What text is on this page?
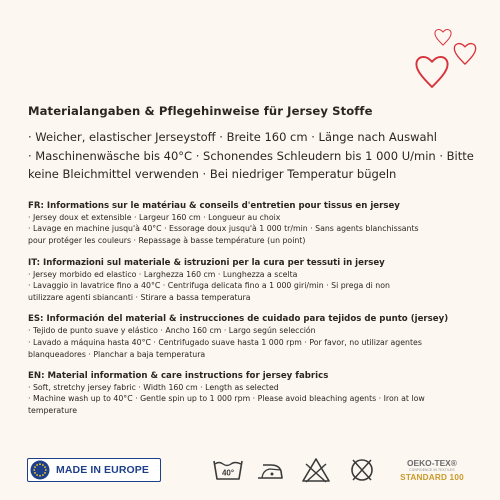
Materialangaben & Pflegehinweise für Jersey Stoffe
· Weicher, elastischer Jerseystoff · Breite 160 cm · Länge nach Auswahl
· Maschinenwäsche bis 40°C · Schonendes Schleudern bis 1 000 U/min · Bitte
keine Bleichmittel verwenden · Bei niedriger Temperatur bügeln
FR: Informations sur le matériau & conseils d'entretien pour tissus en jersey
· Jersey doux et extensible · Largeur 160 cm · Longueur au choix
· Lavage en machine jusqu'à 40°C · Essorage doux jusqu'à 1 000 tr/min · Sans agents blanchissants
pour protéger les couleurs · Repassage à basse température (un point)
IT: Informazioni sul materiale & istruzioni per la cura per tessuti in jersey
· Jersey morbido ed elastico · Larghezza 160 cm · Lunghezza a scelta
· Lavaggio in lavatrice fino a 40°C · Centrifuga delicata fino a 1 000 giri/min · Si prega di non
utilizzare agenti sbiancanti · Stirare a bassa temperatura
ES: Información del material & instrucciones de cuidado para tejidos de punto (jersey)
· Tejido de punto suave y elástico · Ancho 160 cm · Largo según selección
· Lavado a máquina hasta 40°C · Centrifugado suave hasta 1 000 rpm · Por favor, no utilizar agentes
blanqueadores · Planchar a baja temperatura
EN: Material information & care instructions for jersey fabrics
· Soft, stretchy jersey fabric · Width 160 cm · Length as selected
· Machine wash up to 40°C · Gentle spin up to 1 000 rpm · Please avoid bleaching agents · Iron at low
temperature
MADE IN EUROPE	40°
OEKO-TEX®
CONFIDENCE IN TEXTILES
STANDARD 100
